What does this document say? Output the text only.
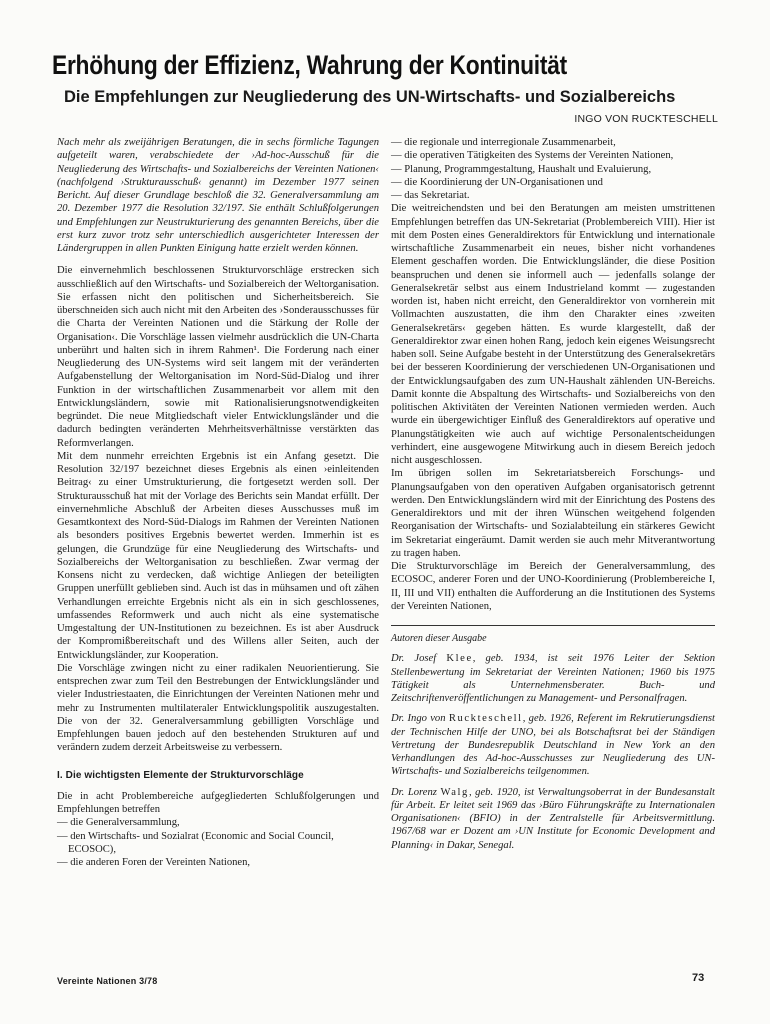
Erhöhung der Effizienz, Wahrung der Kontinuität
Die Empfehlungen zur Neugliederung des UN-Wirtschafts- und Sozialbereichs
INGO VON RUCKTESCHELL

Nach mehr als zweijährigen Beratungen, die in sechs förmliche Tagungen aufgeteilt waren, verabschiedete der ›Ad-hoc-Ausschuß für die Neugliederung des Wirtschafts- und Sozialbereichs der Vereinten Nationen‹ (nachfolgend ›Strukturausschuß‹ genannt) im Dezember 1977 seinen Bericht. Auf dieser Grundlage beschloß die 32. Generalversammlung am 20. Dezember 1977 die Resolution 32/197. Sie enthält Schlußfolgerungen und Empfehlungen zur Neustrukturierung des genannten Bereichs, über die erst kurz zuvor trotz sehr unterschiedlich ausgerichteter Interessen der Ländergruppen in allen Punkten Einigung hatte erzielt werden können.

Die einvernehmlich beschlossenen Strukturvorschläge erstrecken sich ausschließlich auf den Wirtschafts- und Sozialbereich der Weltorganisation. Sie erfassen nicht den politischen und Sicherheitsbereich. Sie überschneiden sich auch nicht mit den Arbeiten des ›Sonderausschusses für die Charta der Vereinten Nationen und die Stärkung der Rolle der Organisation‹. Die Vorschläge lassen vielmehr ausdrücklich die UN-Charta unberührt und halten sich in ihrem Rahmen¹. Die Forderung nach einer Neugliederung des UN-Systems wird seit langem mit der veränderten Aufgabenstellung der Weltorganisation im Nord-Süd-Dialog und ihrer Funktion in der wirtschaftlichen Zusammenarbeit vor allem mit den Entwicklungsländern, sowie mit Rationalisierungsnotwendigkeiten begründet. Die neue Mitgliedschaft vieler Entwicklungsländer und die dadurch bedingten veränderten Mehrheitsverhältnisse verstärkten das Reformverlangen.

Mit dem nunmehr erreichten Ergebnis ist ein Anfang gesetzt. Die Resolution 32/197 bezeichnet dieses Ergebnis als einen ›einleitenden Beitrag‹ zu einer Umstrukturierung, die fortgesetzt werden soll. Der Strukturausschuß hat mit der Vorlage des Berichts sein Mandat erfüllt. Der einvernehmliche Abschluß der Arbeiten dieses Ausschusses muß im Gesamtkontext des Nord-Süd-Dialogs im Rahmen der Vereinten Nationen als besonders positives Ergebnis bewertet werden. Immerhin ist es gelungen, die Grundzüge für eine Neugliederung des Wirtschafts- und Sozialbereichs der Weltorganisation zu beschließen. Zwar vermag der Konsens nicht zu verdecken, daß wichtige Anliegen der beteiligten Gruppen unerfüllt geblieben sind. Auch ist das in mühsamen und oft zähen Verhandlungen erreichte Ergebnis nicht als ein in sich geschlossenes, umfassendes Reformwerk und auch nicht als eine systematische Umgestaltung der UN-Institutionen zu bezeichnen. Es ist aber Ausdruck der Kompromißbereitschaft und des Willens aller Seiten, auch der Entwicklungsländer, zur Kooperation.

Die Vorschläge zwingen nicht zu einer radikalen Neuorientierung. Sie entsprechen zwar zum Teil den Bestrebungen der Entwicklungsländer und vieler Industriestaaten, die Einrichtungen der Vereinten Nationen mehr und mehr zu Instrumenten multilateraler Entwicklungspolitik auszugestalten. Die von der 32. Generalversammlung gebilligten Vorschläge und Empfehlungen bauen jedoch auf den bestehenden Strukturen auf und verändern zudem derzeit Arbeitsweise zu verbessern.

I. Die wichtigsten Elemente der Strukturvorschläge

Die in acht Problembereiche aufgegliederten Schlußfolgerungen und Empfehlungen betreffen

— die Generalversammlung,
— den Wirtschafts- und Sozialrat (Economic and Social Council, ECOSOC),
— die anderen Foren der Vereinten Nationen,
— die regionale und interregionale Zusammenarbeit,
— die operativen Tätigkeiten des Systems der Vereinten Nationen,
— Planung, Programmgestaltung, Haushalt und Evaluierung,
— die Koordinierung der UN-Organisationen und
— das Sekretariat.

Die weitreichendsten und bei den Beratungen am meisten umstrittenen Empfehlungen betreffen das UN-Sekretariat (Problembereich VIII). Hier ist mit dem Posten eines Generaldirektors für Entwicklung und internationale wirtschaftliche Zusammenarbeit ein neues, bisher nicht vorhandenes Element geschaffen worden. Die Entwicklungsländer, die diese Position beanspruchen und denen sie informell auch — jedenfalls solange der Generalsekretär selbst aus einem Industrieland kommt — zugestanden worden ist, haben nicht erreicht, den Generaldirektor von vornherein mit Vollmachten auszustatten, die ihm den Charakter eines ›zweiten Generalsekretärs‹ gegeben hätten. Es wurde klargestellt, daß der Generaldirektor zwar einen hohen Rang, jedoch kein eigenes Weisungsrecht haben soll. Seine Aufgabe besteht in der Unterstützung des Generalsekretärs bei der besseren Koordinierung der verschiedenen UN-Organisationen und der Entwicklungsaufgaben des zum UN-Haushalt zählenden UN-Bereichs. Damit konnte die Abspaltung des Wirtschafts- und Sozialbereichs von den politischen Aktivitäten der Vereinten Nationen vermieden werden. Auch wurde ein übergewichtiger Einfluß des Generaldirektors auf operative und Planungstätigkeiten wie auch auf wichtige Personalentscheidungen verhindert, eine ausgewogene Mitwirkung auch in diesem Bereich jedoch nicht ausgeschlossen.

Im übrigen sollen im Sekretariatsbereich Forschungs- und Planungsaufgaben von den operativen Aufgaben organisatorisch getrennt werden. Den Entwicklungsländern wird mit der Einrichtung des Postens des Generaldirektors und mit der ihren Wünschen weitgehend folgenden Reorganisation der Wirtschafts- und Sozialabteilung ein stärkeres Gewicht im Sekretariat eingeräumt. Damit werden sie auch mehr Mitverantwortung zu tragen haben.

Die Strukturvorschläge im Bereich der Generalversammlung, des ECOSOC, anderer Foren und der UNO-Koordinierung (Problembereiche I, II, III und VII) enthalten die Aufforderung an die Institutionen des Systems der Vereinten Nationen,

Autoren dieser Ausgabe

Dr. Josef Klee, geb. 1934, ist seit 1976 Leiter der Sektion Stellenbewertung im Sekretariat der Vereinten Nationen; 1960 bis 1975 Tätigkeit als Unternehmensberater. Buch- und Zeitschriftenveröffentlichungen zu Management- und Personalfragen.

Dr. Ingo von Ruckteschell, geb. 1926, Referent im Rekrutierungsdienst der Technischen Hilfe der UNO, bei als Botschaftsrat bei der Ständigen Vertretung der Bundesrepublik Deutschland in New York an den Verhandlungen des Ad-hoc-Ausschusses zur Neugliederung des UN-Wirtschafts- und Sozialbereichs teilgenommen.

Dr. Lorenz Walg, geb. 1920, ist Verwaltungsoberrat in der Bundesanstalt für Arbeit. Er leitet seit 1969 das ›Büro Führungskräfte zu Internationalen Organisationen‹ (BFIO) in der Zentralstelle für Arbeitsvermittlung. 1967/68 war er Dozent am ›UN Institute for Economic Development and Planning‹ in Dakar, Senegal.

Vereinte Nationen 3/78	73
